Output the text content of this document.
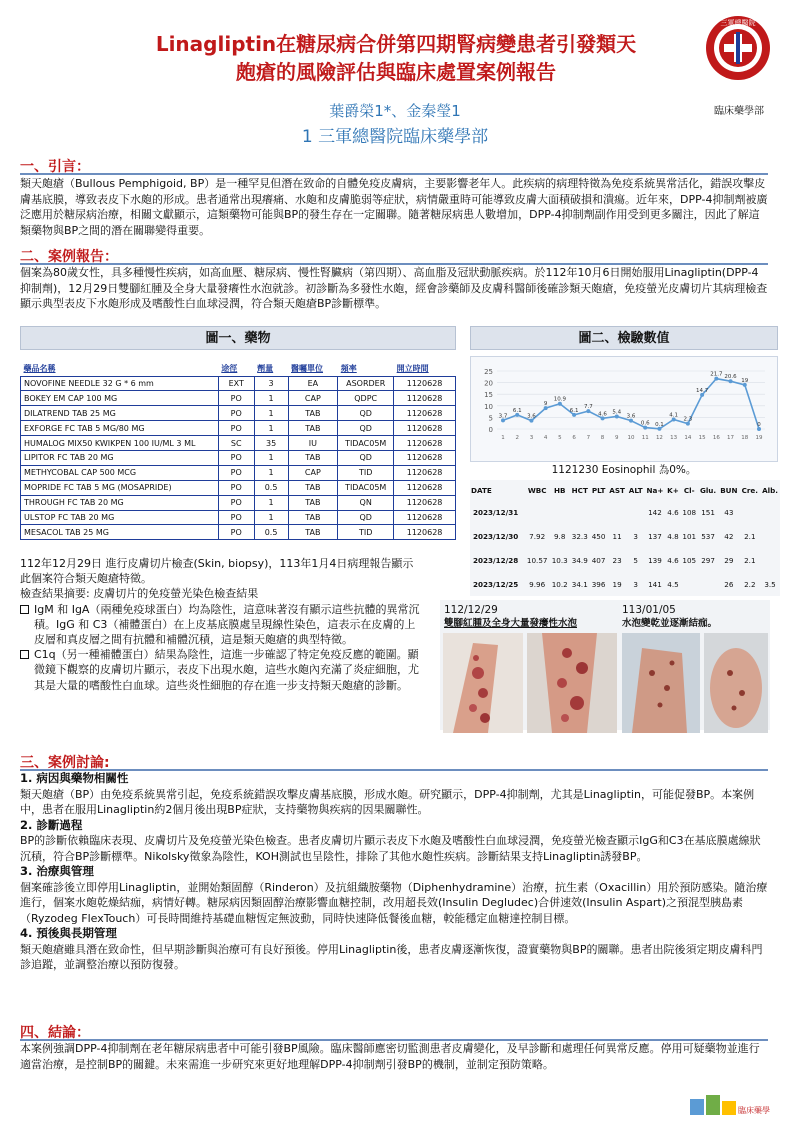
Linagliptin在糖尿病合併第四期腎病變患者引發類天
皰瘡的風險評估與臨床處置案例報告
葉爵榮1*、金秦瑩1
1 三軍總醫院臨床藥學部
三軍總醫院
臨床藥學部
一、引言：
類天皰瘡（Bullous Pemphigoid, BP）是一種罕見但潛在致命的自體免疫皮膚病，主要影響老年人。此疾病的病理特徵為免疫系統異常活化，錯誤攻擊皮膚基底膜，導致表皮下水皰的形成。患者通常出現癢痛、水皰和皮膚脆弱等症狀，病情嚴重時可能導致皮膚大面積破損和潰瘍。近年來，DPP-4抑制劑被廣泛應用於糖尿病治療，相關文獻顯示，這類藥物可能與BP的發生存在一定關聯。隨著糖尿病患人數增加，DPP-4抑制劑副作用受到更多關注，因此了解這類藥物與BP之間的潛在關聯變得重要。
二、案例報告：
個案為80歲女性，具多種慢性疾病，如高血壓、糖尿病、慢性腎臟病（第四期）、高血脂及冠狀動脈疾病。於112年10月6日開始服用Linagliptin(DPP-4抑制劑)，12月29日雙腳紅腫及全身大量發癢性水泡就診。初診斷為多發性水皰，經會診藥師及皮膚科醫師後確診類天皰瘡，免疫螢光皮膚切片其病理檢查顯示典型表皮下水皰形成及嗜酸性白血球浸潤，符合類天皰瘡BP診斷標準。
圖一、藥物
藥品名稱	途徑	劑量	醫囑單位	頻率	開立時間
NOVOFINE NEEDLE 32 G * 6 mm	EXT	3	EA	ASORDER	1120628
BOKEY EM CAP 100 MG	PO	1	CAP	QDPC	1120628
DILATREND TAB 25 MG	PO	1	TAB	QD	1120628
EXFORGE FC TAB 5 MG/80 MG	PO	1	TAB	QD	1120628
HUMALOG MIX50 KWIKPEN 100 IU/ML 3 ML	SC	35	IU	TIDAC05M	1120628
LIPITOR FC TAB 20 MG	PO	1	TAB	QD	1120628
METHYCOBAL CAP 500 MCG	PO	1	CAP	TID	1120628
MOPRIDE FC TAB 5 MG (MOSAPRIDE)	PO	0.5	TAB	TIDAC05M	1120628
THROUGH FC TAB 20 MG	PO	1	TAB	QN	1120628
ULSTOP FC TAB 20 MG	PO	1	TAB	QD	1120628
MESACOL TAB 25 MG	PO	0.5	TAB	TID	1120628
圖二、檢驗數值
0
5
10
15
20
25
3.7
1
6.1
2
3.6
3
9
4
10.9
5
6.1
6
7.7
7
4.6
8
5.4
9
3.6
10
0.6
11
0.1
12
4.1
13
2.3
14
14.7
15
21.7
16
20.6
17
19
18
0
19
1121230 Eosinophil 為0%。
DATE	WBC	HB	HCT	PLT	AST	ALT	Na+	K+	Cl-	Glu.	BUN	Cre.	Alb.
2023/12/31							142	4.6	108	151	43		
2023/12/30	7.92	9.8	32.3	450	11	3	137	4.8	101	537	42	2.1	
2023/12/28	10.57	10.3	34.9	407	23	5	139	4.6	105	297	29	2.1	
2023/12/25	9.96	10.2	34.1	396	19	3	141	4.5			26	2.2	3.5
112年12月29日 進行皮膚切片檢查(Skin, biopsy)，113年1月4日病理報告顯示此個案符合類天皰瘡特徵。
檢查結果摘要: 皮膚切片的免疫螢光染色檢查結果
IgM 和 IgA（兩種免疫球蛋白）均為陰性，這意味著沒有顯示這些抗體的異常沉積。IgG 和 C3（補體蛋白）在上皮基底膜處呈現線性染色，這表示在皮膚的上皮層和真皮層之間有抗體和補體沉積，這是類天皰瘡的典型特徵。
C1q（另一種補體蛋白）結果為陰性，這進一步確認了特定免疫反應的範圍。顯微鏡下觀察的皮膚切片顯示，表皮下出現水皰，這些水皰內充滿了炎症細胞，尤其是大量的嗜酸性白血球。這些炎性細胞的存在進一步支持類天皰瘡的診斷。
112/12/29
雙腳紅腫及全身大量發癢性水泡
113/01/05
水泡變乾並逐漸結痂。
三、案例討論:
1. 病因與藥物相關性
類天皰瘡（BP）由免疫系統異常引起，免疫系統錯誤攻擊皮膚基底膜，形成水皰。研究顯示，DPP-4抑制劑，尤其是Linagliptin，可能促發BP。本案例中，患者在服用Linagliptin約2個月後出現BP症狀，支持藥物與疾病的因果關聯性。
2. 診斷過程
BP的診斷依賴臨床表現、皮膚切片及免疫螢光染色檢查。患者皮膚切片顯示表皮下水皰及嗜酸性白血球浸潤，免疫螢光檢查顯示IgG和C3在基底膜處線狀沉積，符合BP診斷標準。Nikolsky徵象為陰性，KOH測試也呈陰性，排除了其他水皰性疾病。診斷結果支持Linagliptin誘發BP。
3. 治療與管理
個案確診後立即停用Linagliptin，並開始類固醇（Rinderon）及抗組織胺藥物（Diphenhydramine）治療，抗生素（Oxacillin）用於預防感染。隨治療進行，個案水皰乾燥結痂，病情好轉。糖尿病因類固醇治療影響血糖控制，改用超長效(Insulin Degludec)合併速效(Insulin Aspart)之預混型胰島素（Ryzodeg FlexTouch）可長時間維持基礎血糖恆定無波動，同時快速降低餐後血糖，較能穩定血糖達控制目標。
4. 預後與長期管理
類天皰瘡雖具潛在致命性，但早期診斷與治療可有良好預後。停用Linagliptin後，患者皮膚逐漸恢復，證實藥物與BP的關聯。患者出院後須定期皮膚科門診追蹤，並調整治療以預防復發。
四、結論：
本案例強調DPP-4抑制劑在老年糖尿病患者中可能引發BP風險。臨床醫師應密切監測患者皮膚變化，及早診斷和處理任何異常反應。停用可疑藥物並進行適當治療，是控制BP的關鍵。未來需進一步研究來更好地理解DPP-4抑制劑引發BP的機制，並制定預防策略。
臨床藥學
